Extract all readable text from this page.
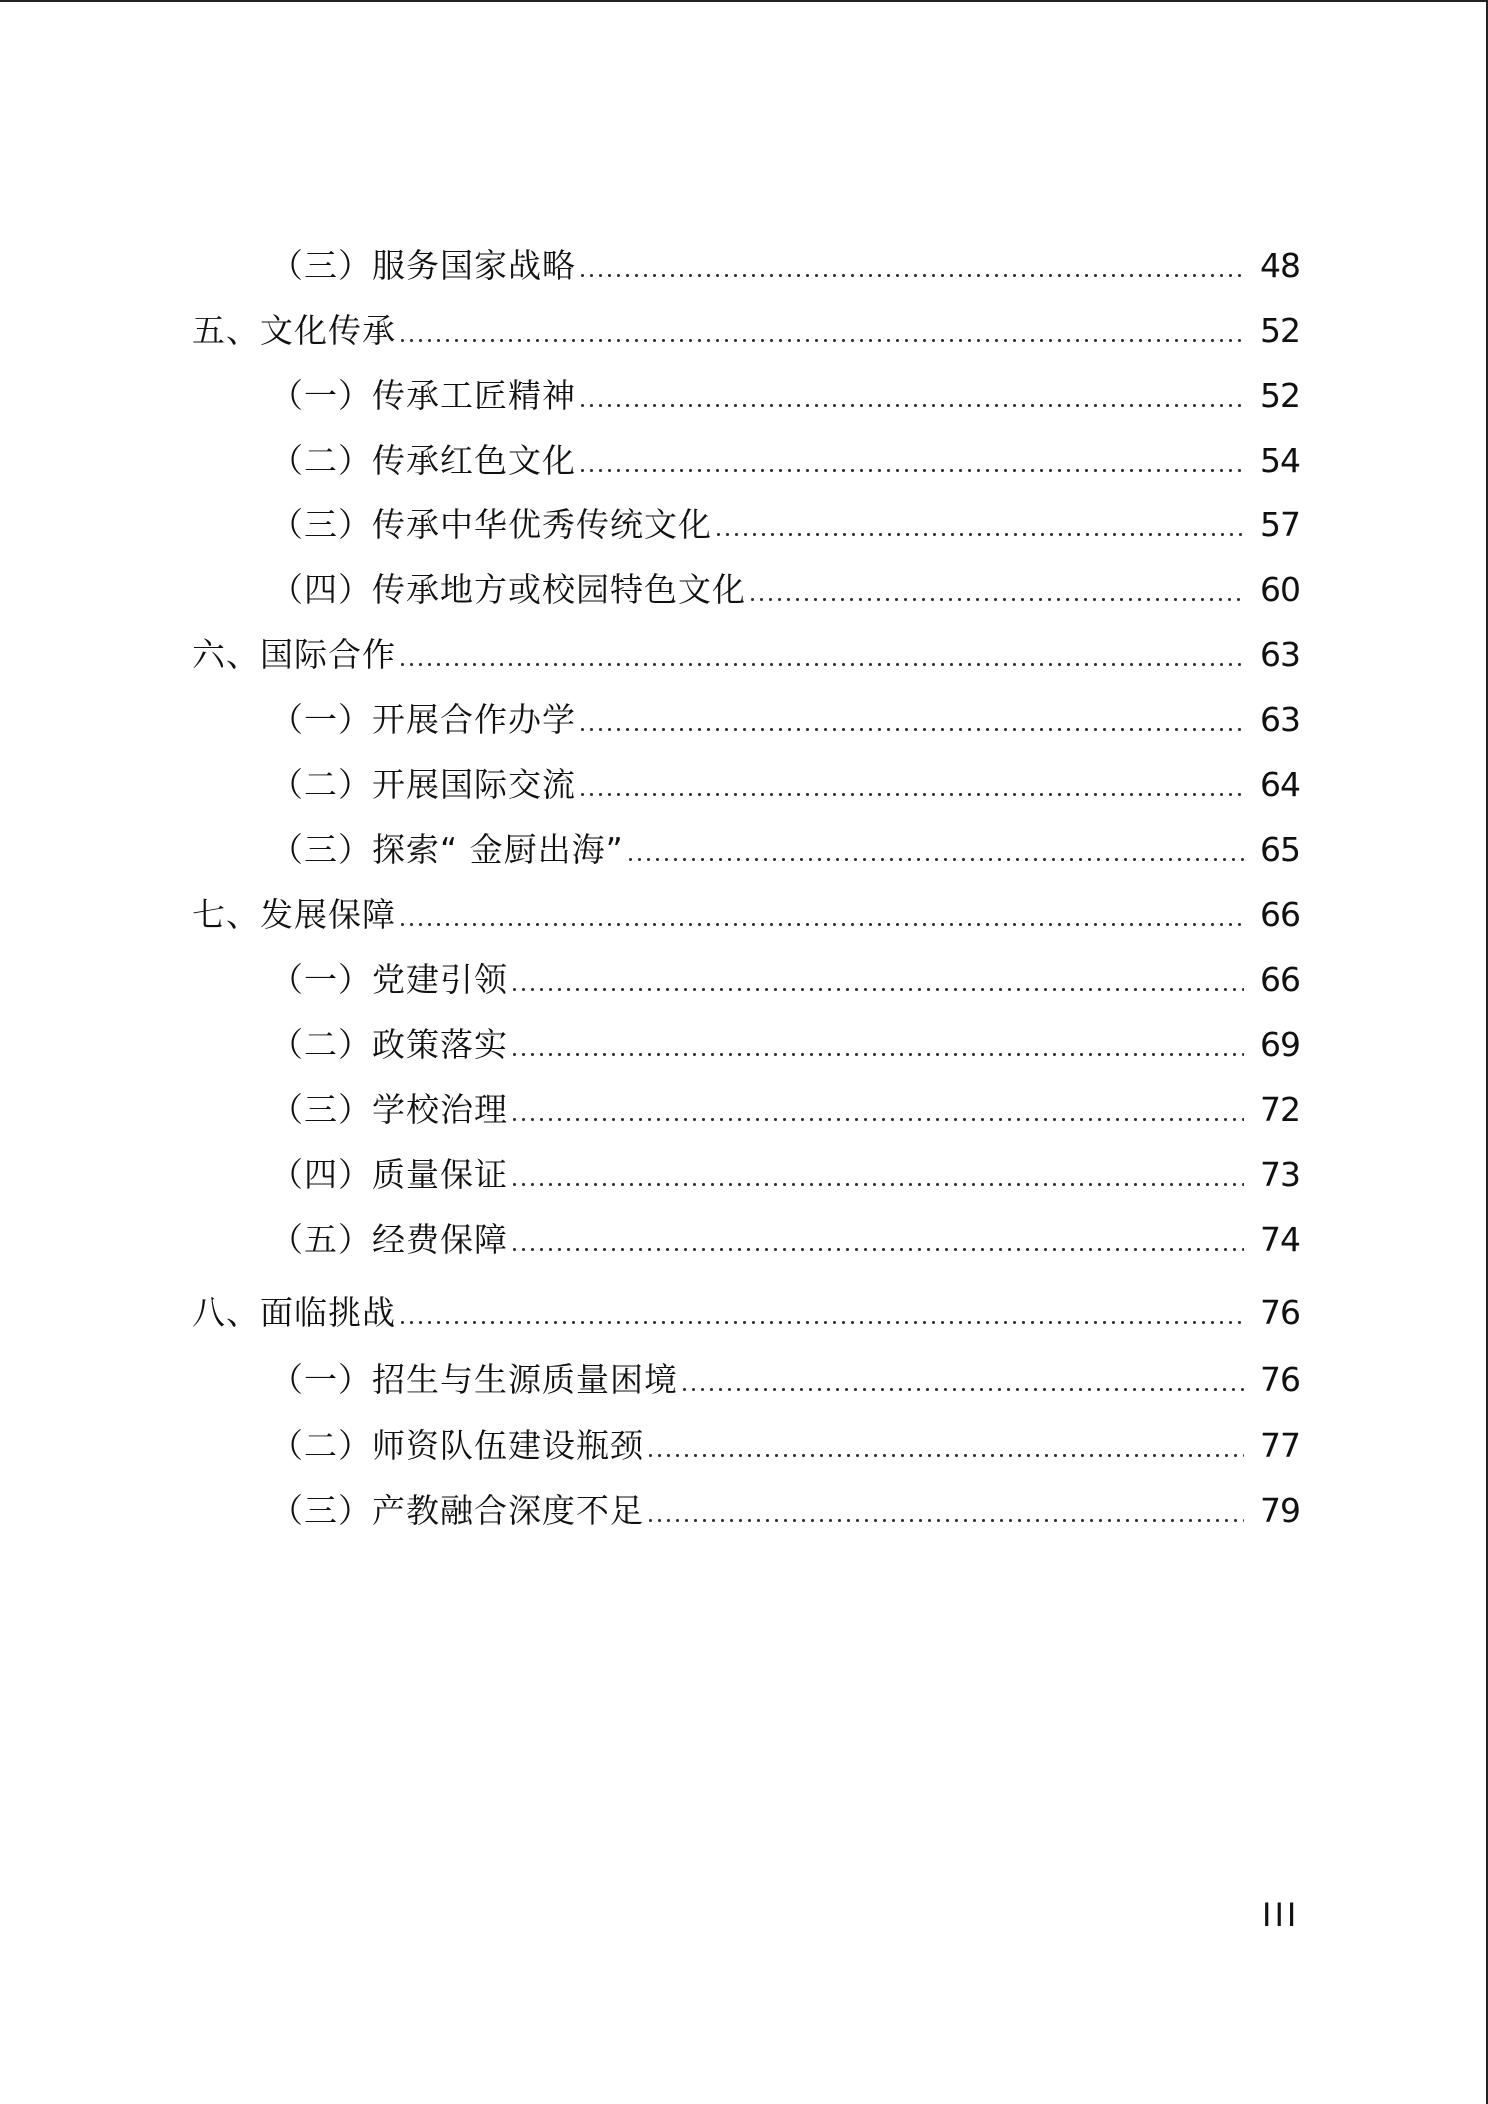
（三）服务国家战略	48
五、文化传承	52
（一）传承工匠精神	52
（二）传承红色文化	54
（三）传承中华优秀传统文化	57
（四）传承地方或校园特色文化	60
六、国际合作	63
（一）开展合作办学	63
（二）开展国际交流	64
（三）探索“ 金厨出海”	65
七、发展保障	66
（一）党建引领	66
（二）政策落实	69
（三）学校治理	72
（四）质量保证	73
（五）经费保障	74
八、面临挑战	76
（一）招生与生源质量困境	76
（二）师资队伍建设瓶颈	77
（三）产教融合深度不足	79
III
